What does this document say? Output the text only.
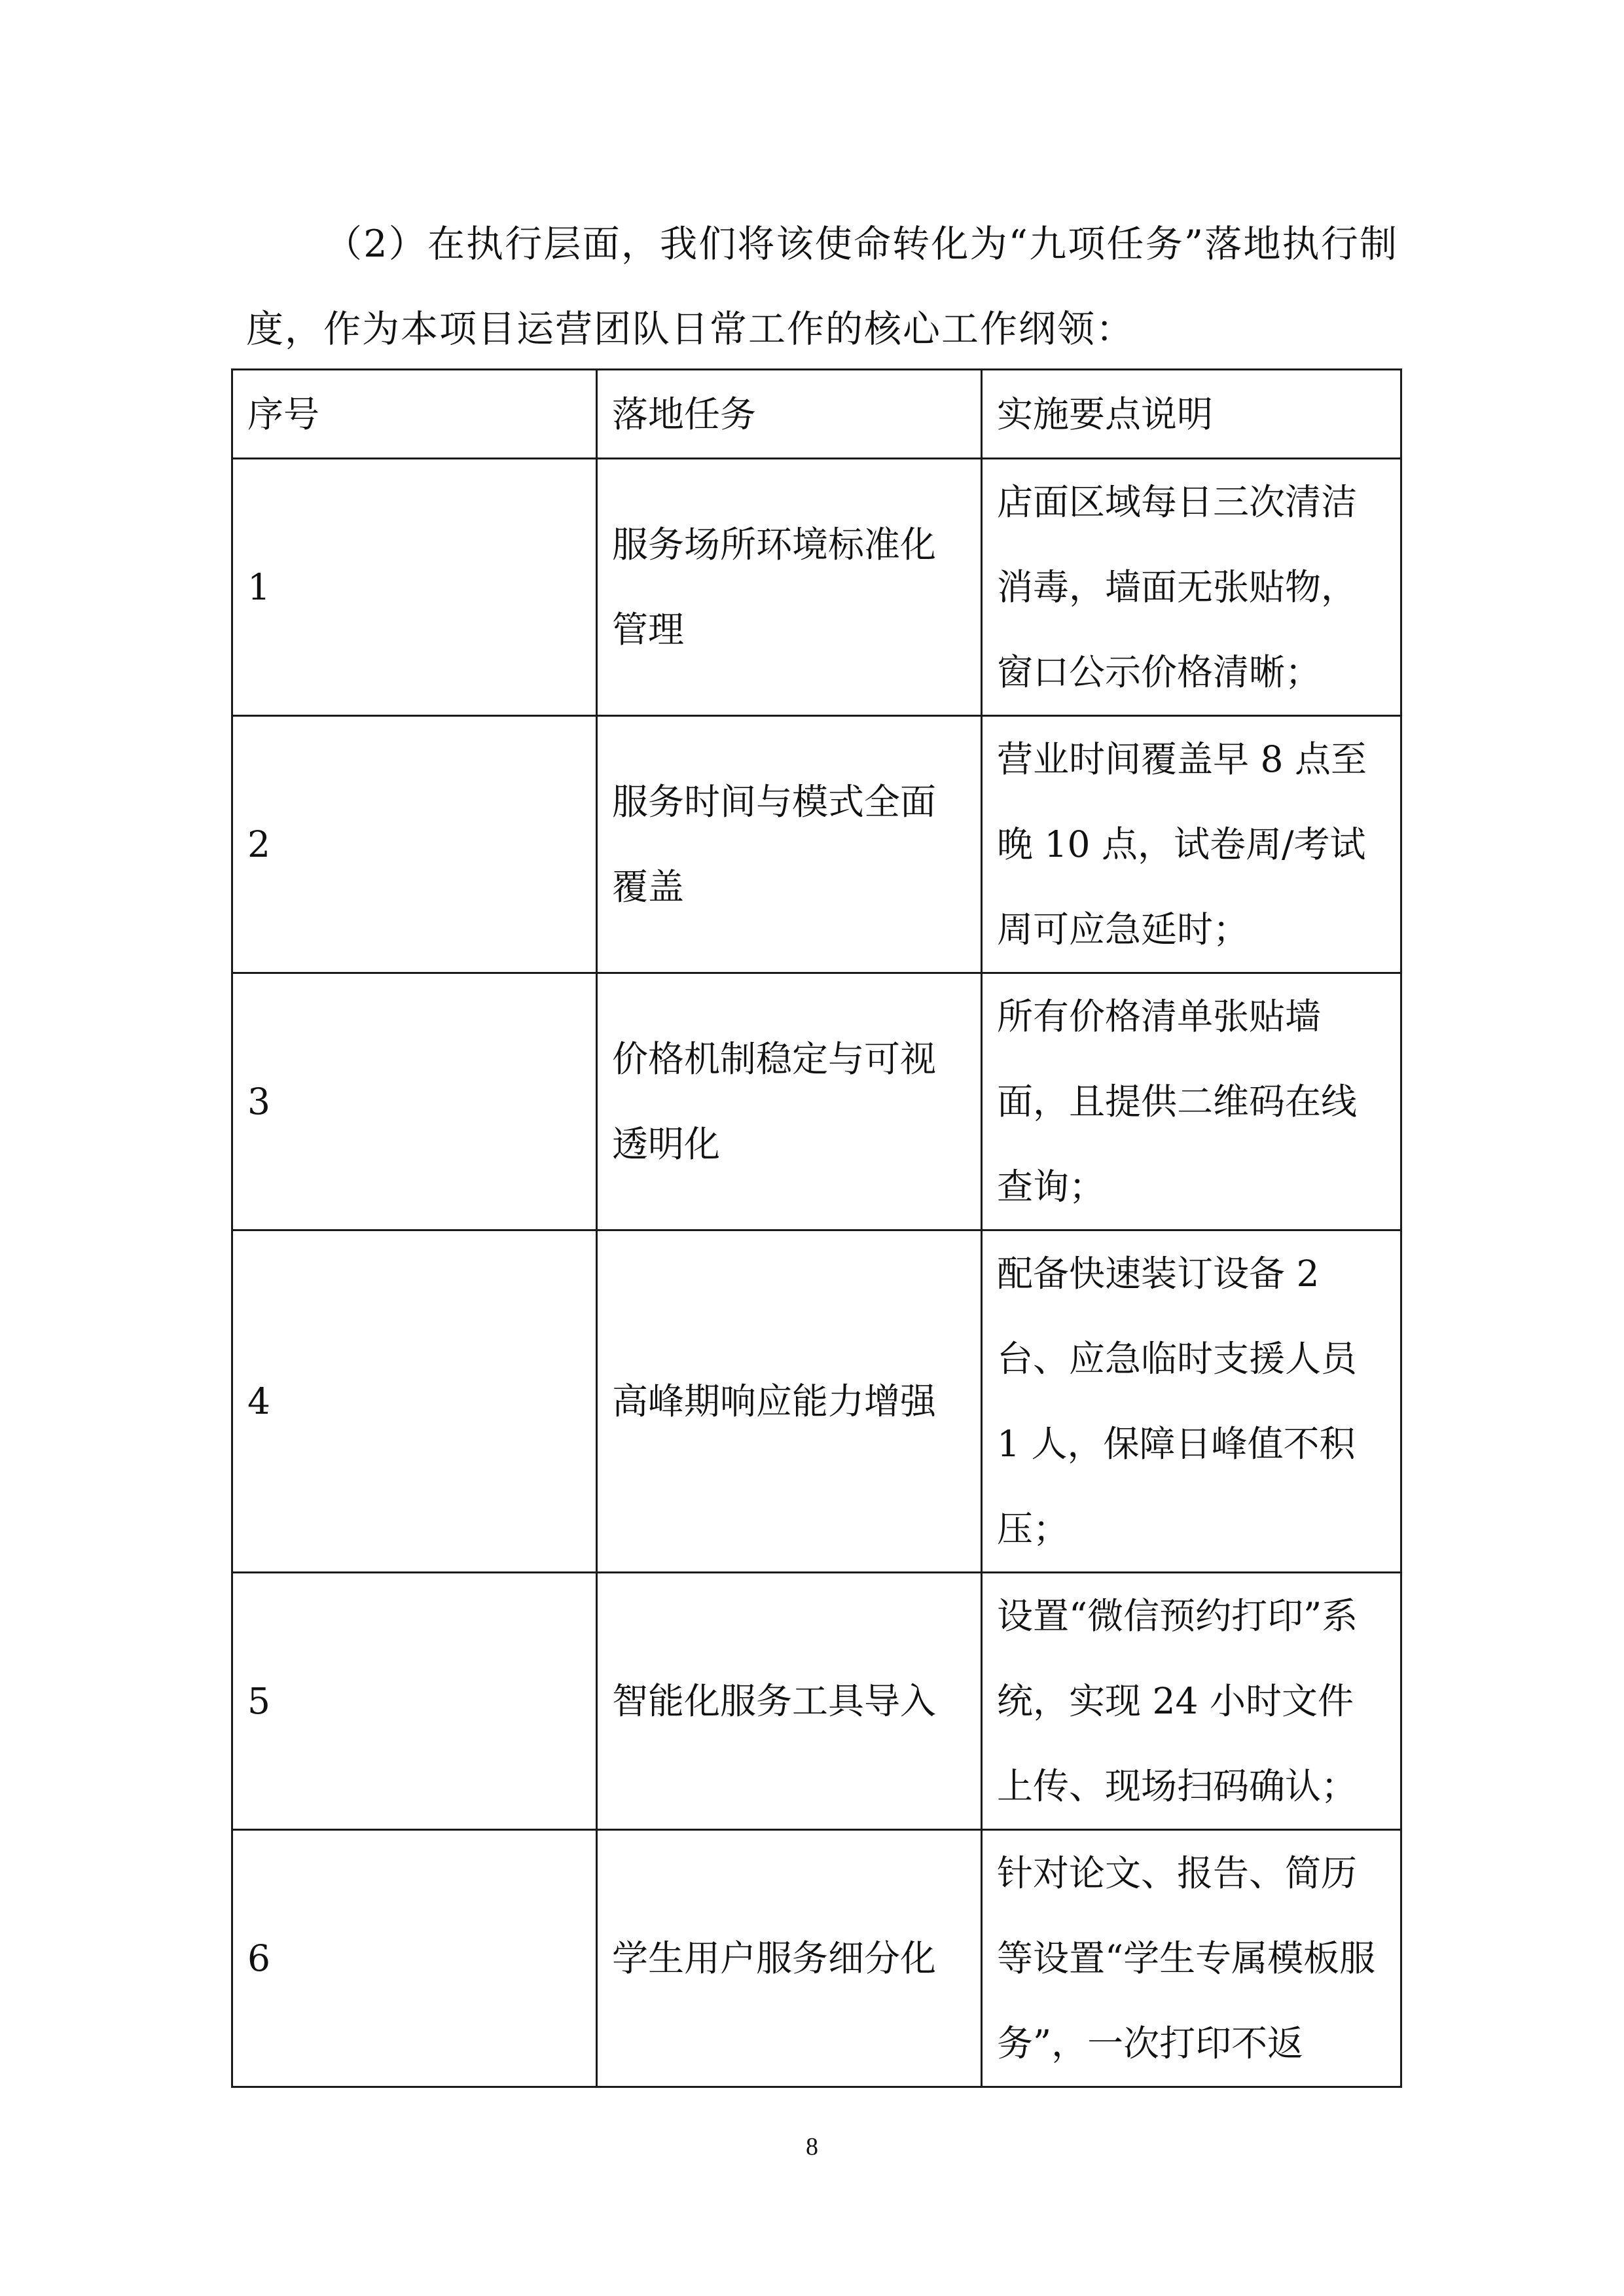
（2）在执行层面，我们将该使命转化为“九项任务”落地执行制度，作为本项目运营团队日常工作的核心工作纲领：

序号	落地任务	实施要点说明
1	服务场所环境标准化管理	店面区域每日三次清洁消毒，墙面无张贴物，窗口公示价格清晰；
2	服务时间与模式全面覆盖	营业时间覆盖早 8 点至晚 10 点，试卷周/考试周可应急延时；
3	价格机制稳定与可视透明化	所有价格清单张贴墙面，且提供二维码在线查询；
4	高峰期响应能力增强	配备快速装订设备 2 台、应急临时支援人员 1 人，保障日峰值不积压；
5	智能化服务工具导入	设置“微信预约打印”系统，实现 24 小时文件上传、现场扫码确认；
6	学生用户服务细分化	针对论文、报告、简历等设置“学生专属模板服务”，一次打印不返
8
